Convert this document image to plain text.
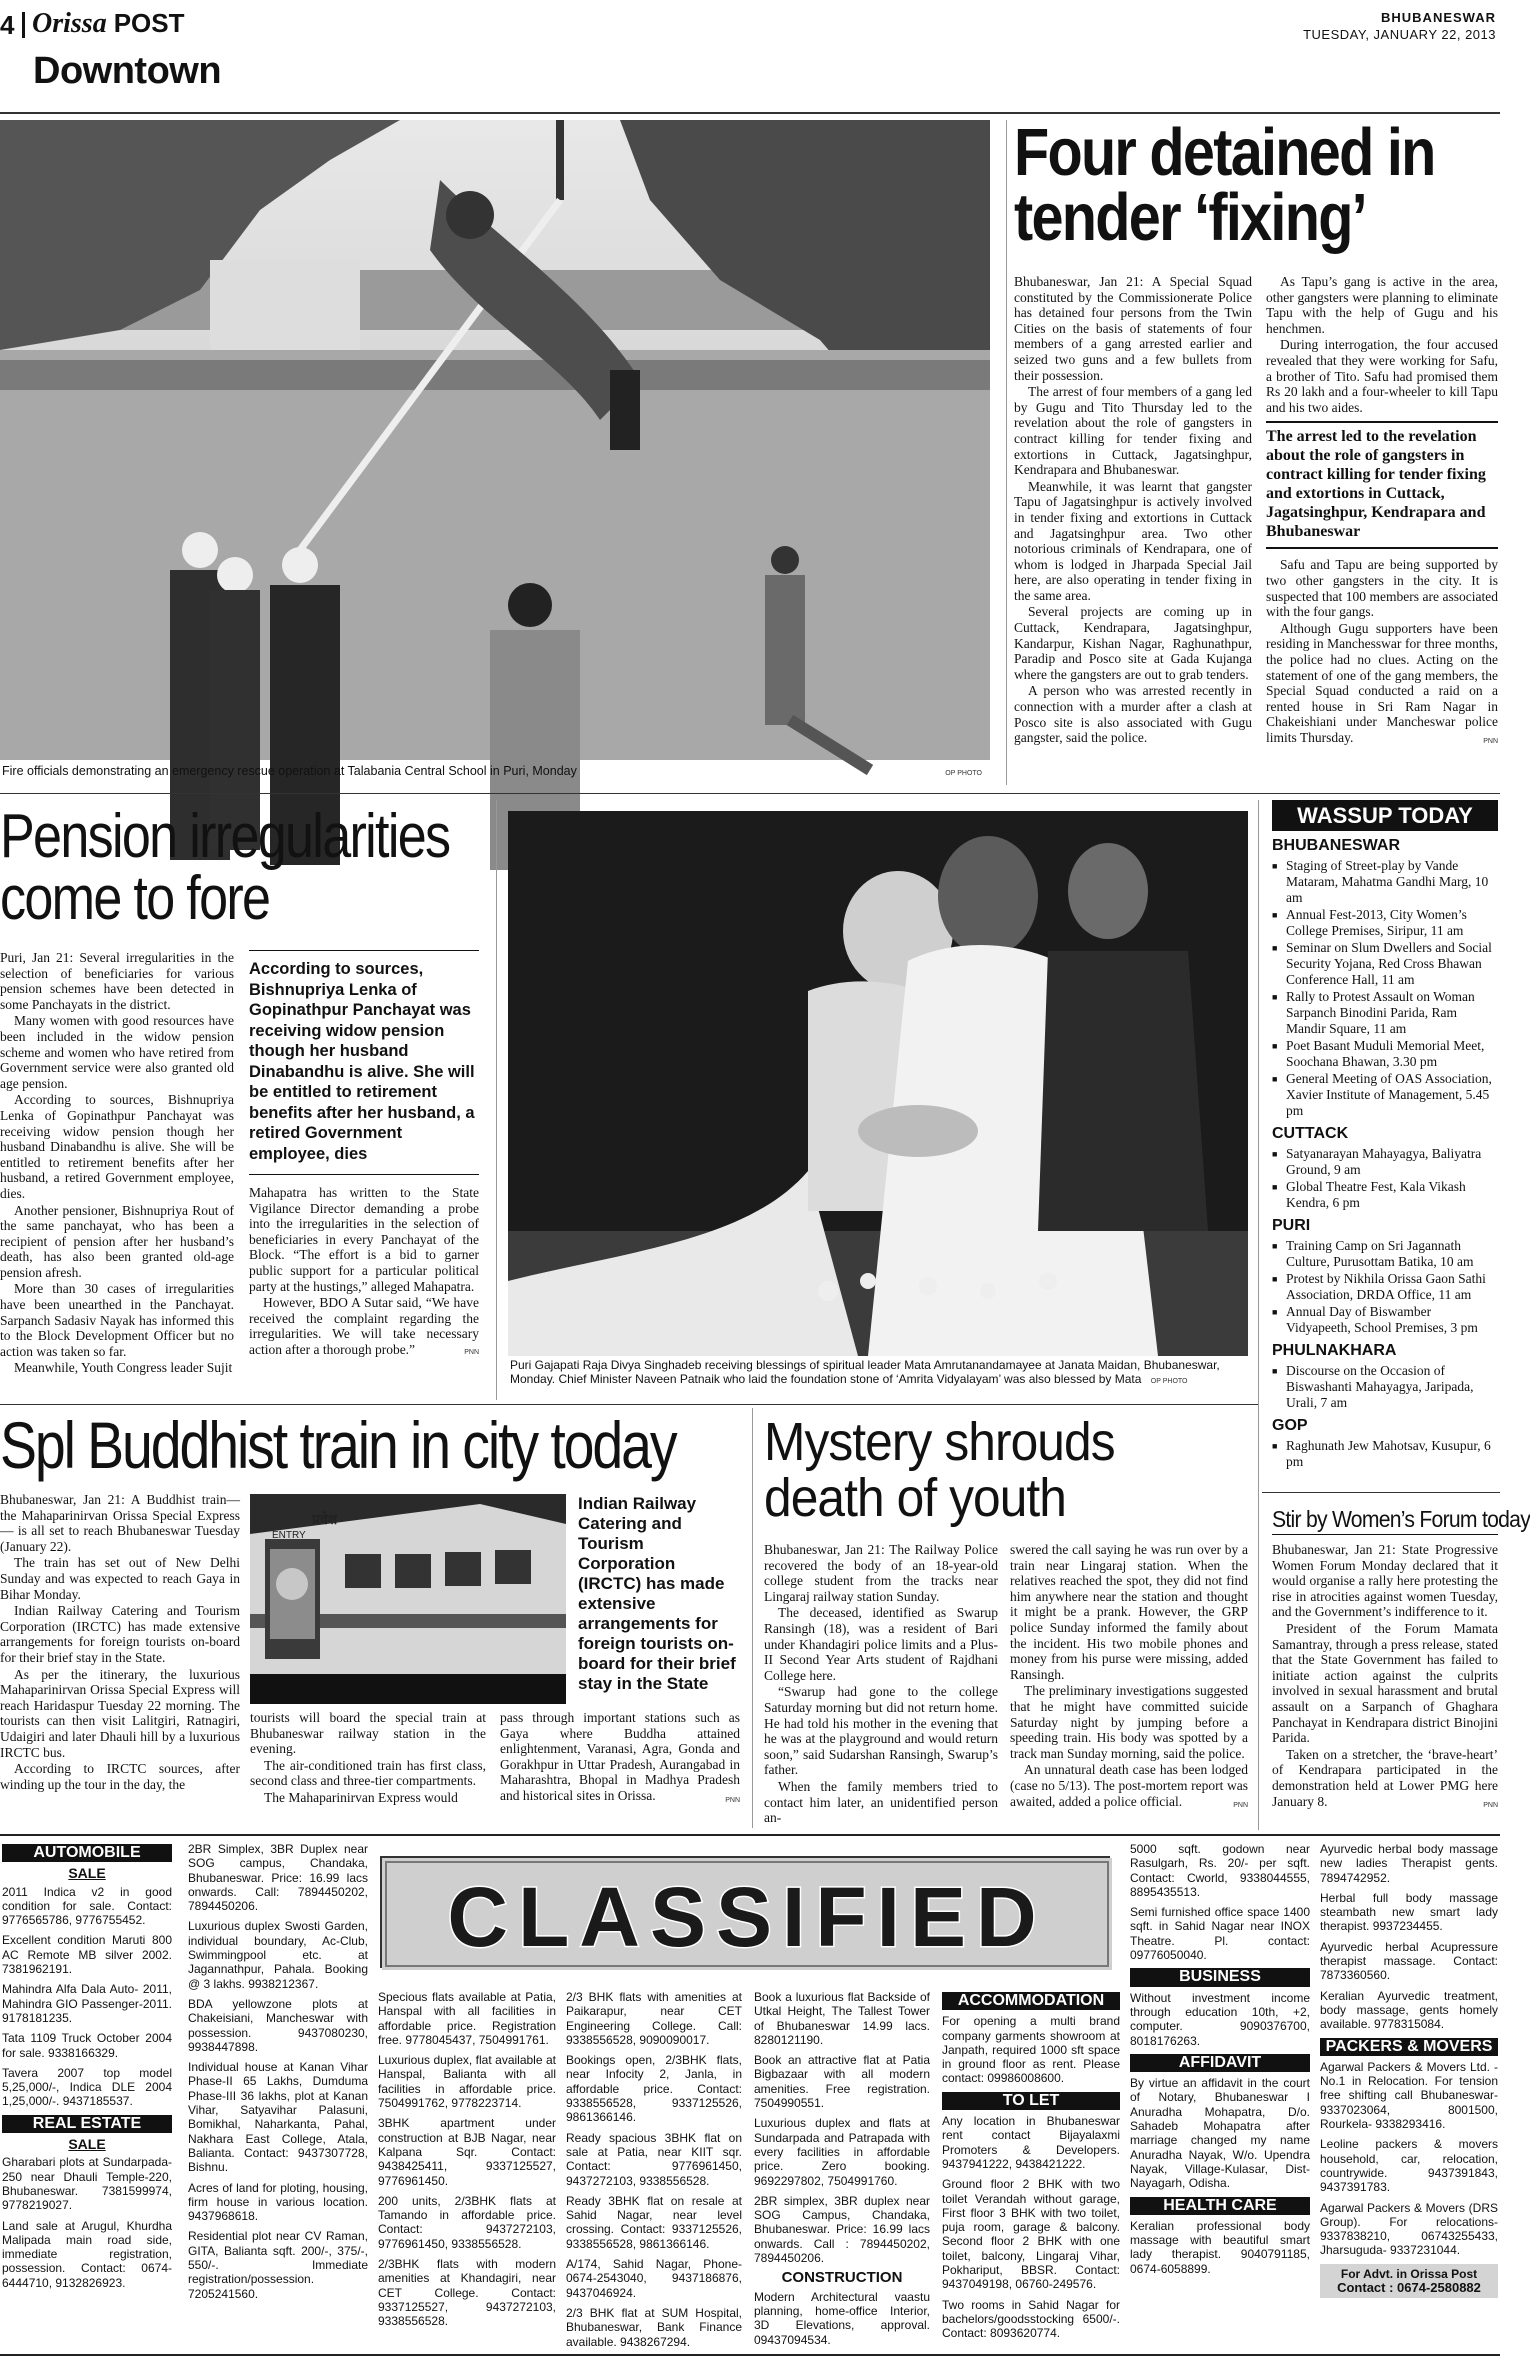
4 Orissa POST
Downtown
BHUBANESWAR
TUESDAY, JANUARY 22, 2013
Fire officials demonstrating an emergency rescue operation at Talabania Central School in Puri, Monday	OP PHOTO
Four detained in
tender ‘fixing’

Bhubaneswar, Jan 21: A Special Squad constituted by the Commissionerate Police has detained four persons from the Twin Cities on the basis of statements of four members of a gang arrested earlier and seized two guns and a few bullets from their possession.

The arrest of four members of a gang led by Gugu and Tito Thursday led to the revelation about the role of gangsters in contract killing for tender fixing and extortions in Cuttack, Jagatsinghpur, Kendrapara and Bhubaneswar.

Meanwhile, it was learnt that gangster Tapu of Jagatsinghpur is actively involved in tender fixing and extortions in Cuttack and Jagatsinghpur area. Two other notorious criminals of Kendrapara, one of whom is lodged in Jharpada Special Jail here, are also operating in tender fixing in the same area.

Several projects are coming up in Cuttack, Kendrapara, Jagatsinghpur, Kandarpur, Kishan Nagar, Raghunathpur, Paradip and Posco site at Gada Kujanga where the gangsters are out to grab tenders.

A person who was arrested recently in connection with a murder after a clash at Posco site is also associated with Gugu gangster, said the police.

As Tapu’s gang is active in the area, other gangsters were planning to eliminate Tapu with the help of Gugu and his henchmen.

During interrogation, the four accused revealed that they were working for Safu, a brother of Tito. Safu had promised them Rs 20 lakh and a four-wheeler to kill Tapu and his two aides.

The arrest led to the revelation about the role of gangsters in contract killing for tender fixing and extortions in Cuttack, Jagatsinghpur, Kendrapara and Bhubaneswar

Safu and Tapu are being supported by two other gangsters in the city. It is suspected that 100 members are associated with the four gangs.

Although Gugu supporters have been residing in Manchesswar for three months, the police had no clues. Acting on the statement of one of the gang members, the Special Squad conducted a raid on a rented house in Sri Ram Nagar in Chakeishiani under Mancheswar police limits Thursday.	PNN
Pension irregularities
come to fore

Puri, Jan 21: Several irregularities in the selection of beneficiaries for various pension schemes have been detected in some Panchayats in the district.

Many women with good resources have been included in the widow pension scheme and women who have retired from Government service were also granted old age pension.

According to sources, Bishnupriya Lenka of Gopinathpur Panchayat was receiving widow pension though her husband Dinabandhu is alive. She will be entitled to retirement benefits after her husband, a retired Government employee, dies.

Another pensioner, Bishnupriya Rout of the same panchayat, who has been a recipient of pension after her husband’s death, has also been granted old-age pension afresh.

More than 30 cases of irregularities have been unearthed in the Panchayat. Sarpanch Sadasiv Nayak has informed this to the Block Development Officer but no action was taken so far.

Meanwhile, Youth Congress leader Sujit

According to sources, Bishnupriya Lenka of Gopinathpur Panchayat was receiving widow pension though her husband Dinabandhu is alive. She will be entitled to retirement benefits after her husband, a retired Government employee, dies

Mahapatra has written to the State Vigilance Director demanding a probe into the irregularities in the selection of beneficiaries in every Panchayat of the Block. “The effort is a bid to garner public support for a particular political party at the hustings,” alleged Mahapatra.

However, BDO A Sutar said, “We have received the complaint regarding the irregularities. We will take necessary action after a thorough probe.”	PNN
Puri Gajapati Raja Divya Singhadeb receiving blessings of spiritual leader Mata Amrutanandamayee at Janata Maidan, Bhubaneswar,
Monday. Chief Minister Naveen Patnaik who laid the foundation stone of ‘Amrita Vidyalayam’ was also blessed by Mata OP PHOTO
WASSUP TODAY
BHUBANESWAR
■ Staging of Street-play by Vande Mataram, Mahatma Gandhi Marg, 10 am
■ Annual Fest-2013, City Women’s College Premises, Siripur, 11 am
■ Seminar on Slum Dwellers and Social Security Yojana, Red Cross Bhawan Conference Hall, 11 am
■ Rally to Protest Assault on Woman Sarpanch Binodini Parida, Ram Mandir Square, 11 am
■ Poet Basant Muduli Memorial Meet, Soochana Bhawan, 3.30 pm
■ General Meeting of OAS Association, Xavier Institute of Management, 5.45 pm
CUTTACK
■ Satyanarayan Mahayagya, Baliyatra Ground, 9 am
■ Global Theatre Fest, Kala Vikash Kendra, 6 pm
PURI
■ Training Camp on Sri Jagannath Culture, Purusottam Batika, 10 am
■ Protest by Nikhila Orissa Gaon Sathi Association, DRDA Office, 11 am
■ Annual Day of Biswamber Vidyapeeth, School Premises, 3 pm
PHULNAKHARA
■ Discourse on the Occasion of Biswashanti Mahayagya, Jaripada, Urali, 7 am
GOP
■ Raghunath Jew Mahotsav, Kusupur, 6 pm
Spl Buddhist train in city today

Bhubaneswar, Jan 21: A Buddhist train—the Mahaparinirvan Orissa Special Express— is all set to reach Bhubaneswar Tuesday (January 22).

The train has set out of New Delhi Sunday and was expected to reach Gaya in Bihar Monday.

Indian Railway Catering and Tourism Corporation (IRCTC) has made extensive arrangements for foreign tourists on-board for their brief stay in the State.

As per the itinerary, the luxurious Mahaparinirvan Orissa Special Express will reach Haridaspur Tuesday 22 morning. The tourists can then visit Lalitgiri, Ratnagiri, Udaigiri and later Dhauli hill by a luxurious IRCTC bus.

According to IRCTC sources, after winding up the tour in the day, the

प्रवेश
ENTRY
Indian Railway Catering and Tourism Corporation (IRCTC) has made extensive arrangements for foreign tourists on-board for their brief stay in the State

tourists will board the special train at Bhubaneswar railway station in the evening.

The air-conditioned train has first class, second class and three-tier compartments.

The Mahaparinirvan Express would

pass through important stations such as Gaya where Buddha attained enlightenment, Varanasi, Agra, Gonda and Gorakhpur in Uttar Pradesh, Aurangabad in Maharashtra, Bhopal in Madhya Pradesh and historical sites in Orissa.	PNN
Mystery shrouds
death of youth

Bhubaneswar, Jan 21: The Railway Police recovered the body of an 18-year-old college student from the tracks near Lingaraj railway station Sunday.

The deceased, identified as Swarup Ransingh (18), was a resident of Bari under Khandagiri police limits and a Plus-II Second Year Arts student of Rajdhani College here.

“Swarup had gone to the college Saturday morning but did not return home. He had told his mother in the evening that he was at the playground and would return soon,” said Sudarshan Ransingh, Swarup’s father.

When the family members tried to contact him later, an unidentified person an-

swered the call saying he was run over by a train near Lingaraj station. When the relatives reached the spot, they did not find him anywhere near the station and thought it might be a prank. However, the GRP police Sunday informed the family about the incident. His two mobile phones and money from his purse were missing, added Ransingh.

The preliminary investigations suggested that he might have committed suicide Saturday night by jumping before a speeding train. His body was spotted by a track man Sunday morning, said the police.

An unnatural death case has been lodged (case no 5/13). The post-mortem report was awaited, added a police official.	PNN
Stir by Women’s Forum today

Bhubaneswar, Jan 21: State Progressive Women Forum Monday declared that it would organise a rally here protesting the rise in atrocities against women Tuesday, and the Government’s indifference to it.

President of the Forum Mamata Samantray, through a press release, stated that the State Government has failed to initiate action against the culprits involved in sexual harassment and brutal assault on a Sarpanch of Ghaghara Panchayat in Kendrapara district Binojini Parida.

Taken on a stretcher, the ‘brave-heart’ of Kendrapara participated in the demonstration held at Lower PMG here January 8.	PNN
CLASSIFIED
AUTOMOBILE
SALE

2011 Indica v2 in good condition for sale. Contact: 9776565786, 9776755452.

Excellent condition Maruti 800 AC Remote MB silver 2002. 7381962191.

Mahindra Alfa Dala Auto- 2011, Mahindra GIO Passenger-2011. 9178181235.

Tata 1109 Truck October 2004 for sale. 9338166329.

Tavera 2007 top model 5,25,000/-, Indica DLE 2004 1,25,000/-. 9437185537.

REAL ESTATE
SALE

Gharabari plots at Sundarpada-250 near Dhauli Temple-220, Bhubaneswar. 7381599974, 9778219027.

Land sale at Arugul, Khurdha Malipada main road side, immediate registration, possession. Contact: 0674-6444710, 9132826923.

2BR Simplex, 3BR Duplex near SOG campus, Chandaka, Bhubaneswar. Price: 16.99 lacs onwards. Call: 7894450202, 7894450206.

Luxurious duplex Swosti Garden, individual boundary, Ac-Club, Swimmingpool etc. at Jagannathpur, Pahala. Booking @ 3 lakhs. 9938212367.

BDA yellowzone plots at Chakeisiani, Mancheswar with possession. 9437080230, 9938447898.

Individual house at Kanan Vihar Phase-II 65 Lakhs, Dumduma Phase-III 36 lakhs, plot at Kanan Vihar, Satyavihar Palasuni, Bomikhal, Naharkanta, Pahal, Nakhara East College, Atala, Balianta. Contact: 9437307728, Bishnu.

Acres of land for ploting, housing, firm house in various location. 9437968618.

Residential plot near CV Raman, GITA, Balianta sqft. 200/-, 375/-, 550/-. Immediate registration/possession. 7205241560.

Specious flats available at Patia, Hanspal with all facilities in affordable price. Registration free. 9778045437, 7504991761.

Luxurious duplex, flat available at Hanspal, Balianta with all facilities in affordable price. 7504991762, 9778223714.

3BHK apartment under construction at BJB Nagar, near Kalpana Sqr. Contact: 9438425411, 9337125527, 9776961450.

200 units, 2/3BHK flats at Tamando in affordable price. Contact: 9437272103, 9776961450, 9338556528.

2/3BHK flats with modern amenities at Khandagiri, near CET College. Contact: 9337125527, 9437272103, 9338556528.

2/3 BHK flats with amenities at Paikarapur, near CET Engineering College. Call: 9338556528, 9090090017.

Bookings open, 2/3BHK flats, near Infocity 2, Janla, in affordable price. Contact: 9338556528, 9337125526, 9861366146.

Ready spacious 3BHK flat on sale at Patia, near KIIT sqr. Contact: 9776961450, 9437272103, 9338556528.

Ready 3BHK flat on resale at Sahid Nagar, near level crossing. Contact: 9337125526, 9338556528, 9861366146.

A/174, Sahid Nagar, Phone-0674-2543040, 9437186876, 9437046924.

2/3 BHK flat at SUM Hospital, Bhubaneswar, Bank Finance available. 9438267294.

Book a luxurious flat Backside of Utkal Height, The Tallest Tower of Bhubaneswar 14.99 lacs. 8280121190.

Book an attractive flat at Patia Bigbazaar with all modern amenities. Free registration. 7504990551.

Luxurious duplex and flats at Sundarpada and Patrapada with every facilities in affordable price. Zero booking. 9692297802, 7504991760.

2BR simplex, 3BR duplex near SOG Campus, Chandaka, Bhubaneswar. Price: 16.99 lacs onwards. Call : 7894450202, 7894450206.

CONSTRUCTION

Modern Architectural vaastu planning, home-office Interior, 3D Elevations, approval. 09437094534.

ACCOMMODATION

For opening a multi brand company garments showroom at Janpath, required 1000 sft space in ground floor as rent. Please contact: 09986008600.

TO LET

Any location in Bhubaneswar rent contact Bijayalaxmi Promoters & Developers. 9437941222, 9438421222.

Ground floor 2 BHK with two toilet Verandah without garage, First floor 3 BHK with two toilet, puja room, garage & balcony. Second floor 2 BHK with one toilet, balcony, Lingaraj Vihar, Pokhariput, BBSR. Contact: 9437049198, 06760-249576.

Two rooms in Sahid Nagar for bachelors/goodsstocking 6500/-. Contact: 8093620774.

5000 sqft. godown near Rasulgarh, Rs. 20/- per sqft. Contact: Cworld, 9338044555, 8895435513.

Semi furnished office space 1400 sqft. in Sahid Nagar near INOX Theatre. Pl. contact: 09776050040.

BUSINESS

Without investment income through education 10th, +2, computer. 9090376700, 8018176263.

AFFIDAVIT

By virtue an affidavit in the court of Notary, Bhubaneswar I Anuradha Mohapatra, D/o. Sahadeb Mohapatra after marriage changed my name Anuradha Nayak, W/o. Upendra Nayak, Village-Kulasar, Dist- Nayagarh, Odisha.

HEALTH CARE

Keralian professional body massage with beautiful smart lady therapist. 9040791185, 0674-6058899.

Ayurvedic herbal body massage new ladies Therapist gents. 7894742952.

Herbal full body massage steambath new smart lady therapist. 9937234455.

Ayurvedic herbal Acupressure therapist massage. Contact: 7873360560.

Keralian Ayurvedic treatment, body massage, gents homely available. 9778315084.

PACKERS & MOVERS

Agarwal Packers & Movers Ltd. - No.1 in Relocation. For tension free shifting call Bhubaneswar- 9337023064, 8001500, Rourkela- 9338293416.

Leoline packers & movers household, car, relocation, countrywide. 9437391843, 9437391783.

Agarwal Packers & Movers (DRS Group). For relocations- 9337838210, 06743255433, Jharsuguda- 9337231044.

For Advt. in Orissa Post
Contact : 0674-2580882
